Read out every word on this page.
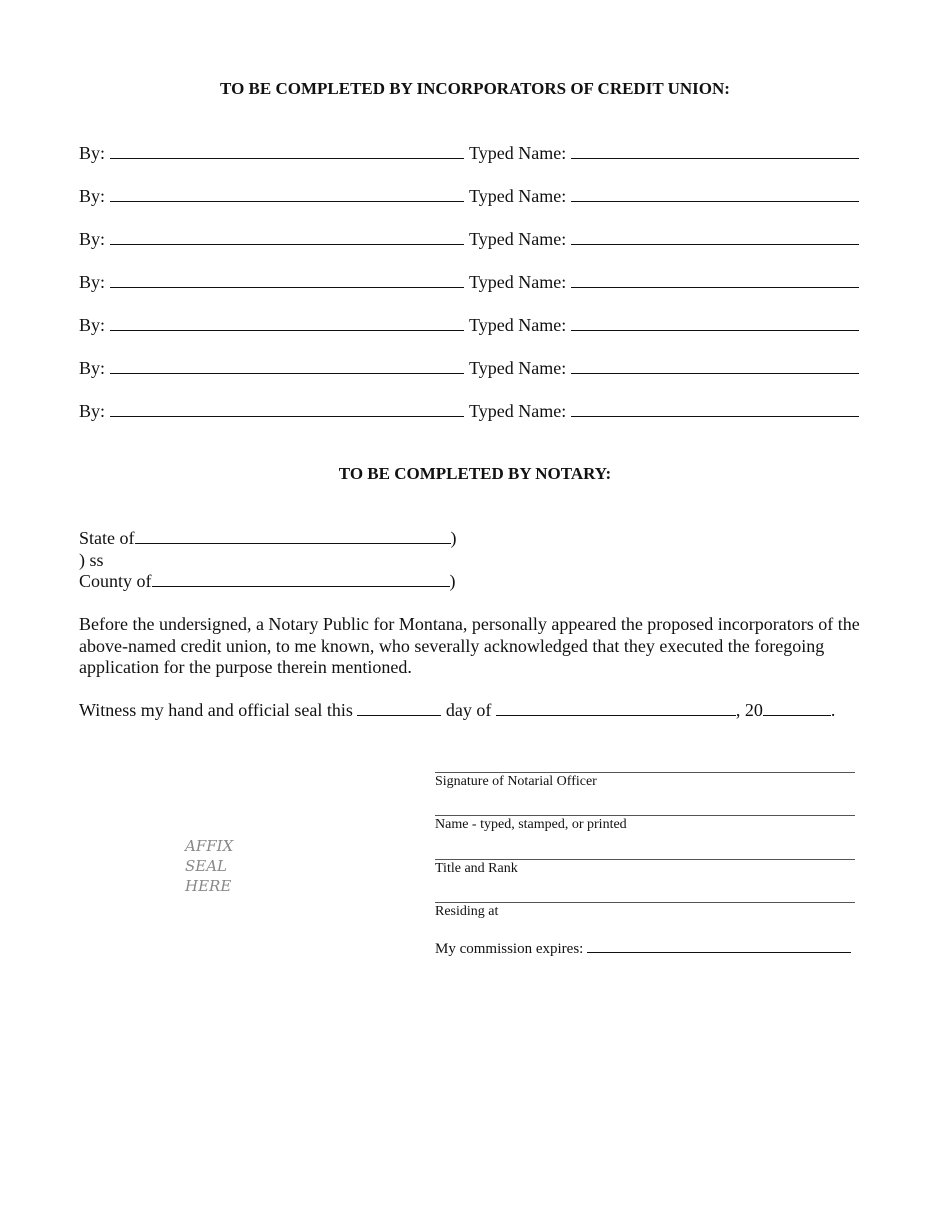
TO BE COMPLETED BY INCORPORATORS OF CREDIT UNION:
By:	Typed Name:
By:	Typed Name:
By:	Typed Name:
By:	Typed Name:
By:	Typed Name:
By:	Typed Name:
By:	Typed Name:
TO BE COMPLETED BY NOTARY:
State of	)
) ss
County of	)
Before the undersigned, a Notary Public for Montana, personally appeared the proposed incorporators of the above-named credit union, to me known, who severally acknowledged that they executed the foregoing application for the purpose therein mentioned.
Witness my hand and official seal this	day of	, 20	.
AFFIX
SEAL
HERE
Signature of Notarial Officer
Name - typed, stamped, or printed
Title and Rank
Residing at
My commission expires:
